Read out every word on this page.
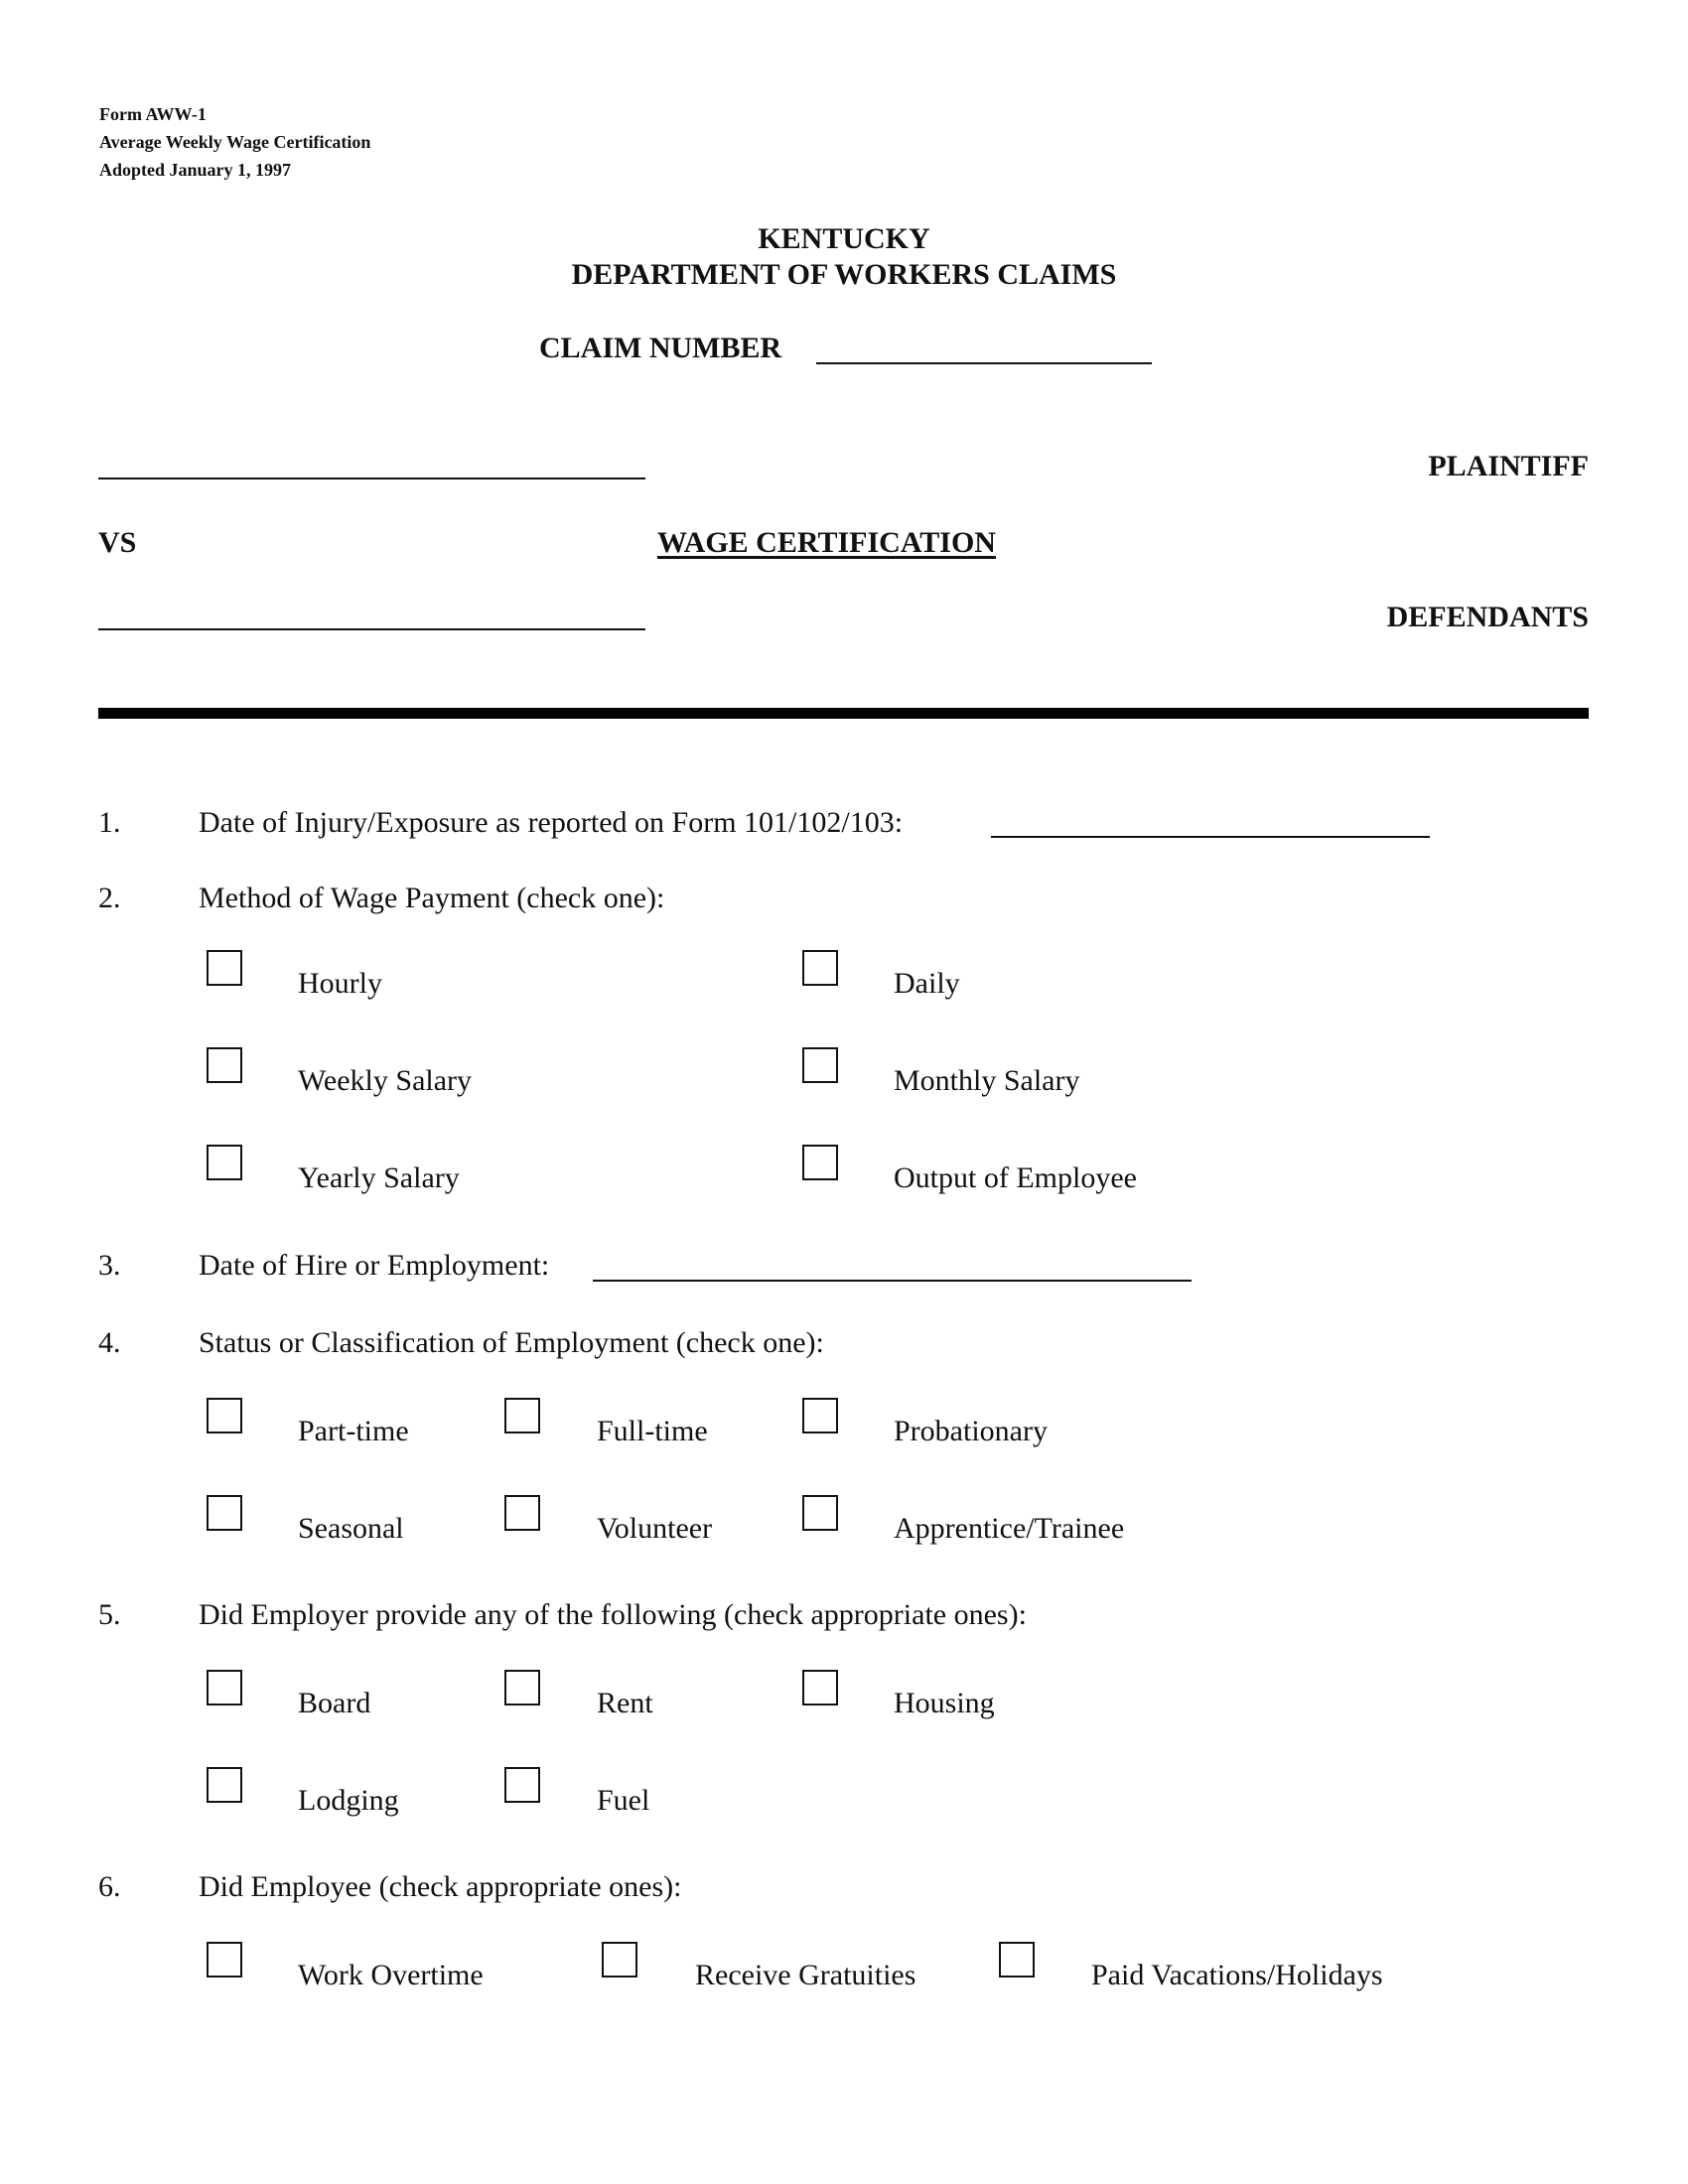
Form AWW-1
Average Weekly Wage Certification
Adopted January 1, 1997
KENTUCKY
DEPARTMENT OF WORKERS CLAIMS
CLAIM NUMBER
PLAINTIFF
VS	WAGE CERTIFICATION
DEFENDANTS
1.	Date of Injury/Exposure as reported on Form 101/102/103:
2.	Method of Wage Payment (check one):
Hourly	Daily
Weekly Salary	Monthly Salary
Yearly Salary	Output of Employee
3.	Date of Hire or Employment:
4.	Status or Classification of Employment (check one):
Part-time	Full-time	Probationary
Seasonal	Volunteer	Apprentice/Trainee
5.	Did Employer provide any of the following (check appropriate ones):
Board	Rent	Housing
Lodging	Fuel
6.	Did Employee (check appropriate ones):
Work Overtime	Receive Gratuities	Paid Vacations/Holidays
